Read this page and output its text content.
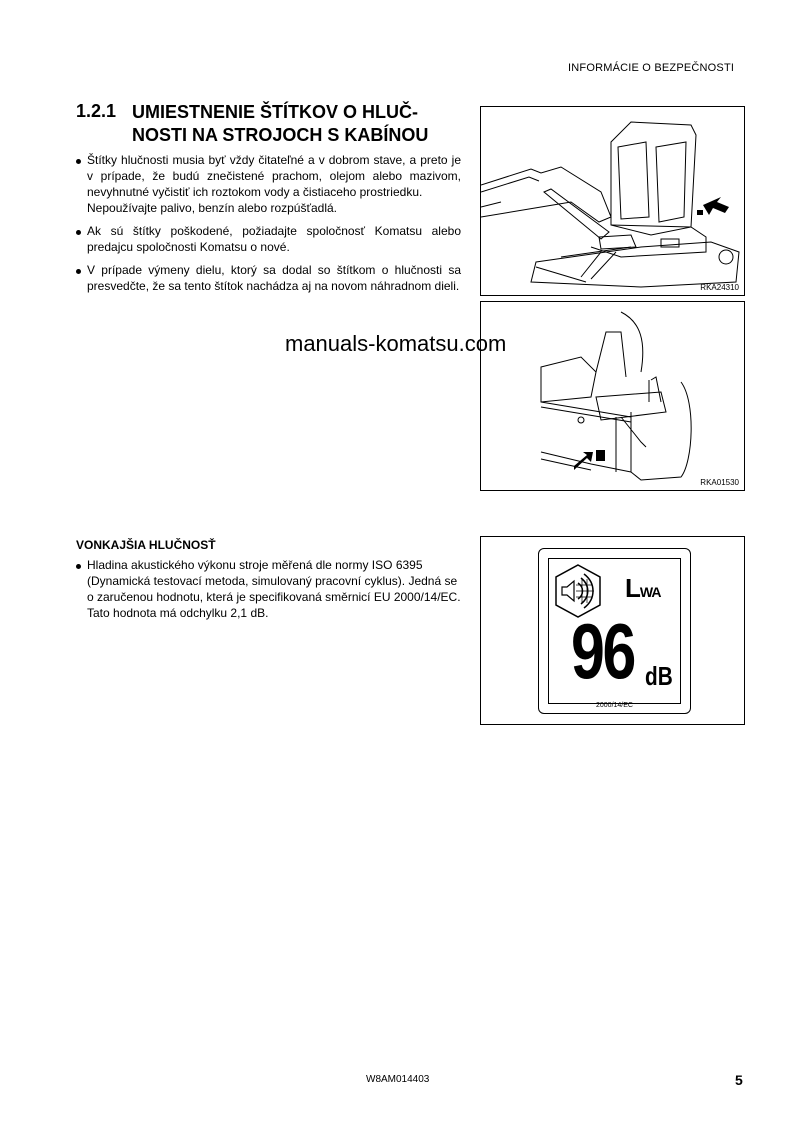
INFORMÁCIE O BEZPEČNOSTI
1.2.1 UMIESTNENIE ŠTÍTKOV O HLUČ-
NOSTI NA STROJOCH S KABÍNOU
Štítky hlučnosti musia byť vždy čitateľné a v dobrom stave, a preto je v prípade, že budú znečistené prachom, olejom alebo mazivom, nevyhnutné vyčistiť ich roztokom vody a čistiaceho prostriedku.
Nepoužívajte palivo, benzín alebo rozpúšťadlá.
Ak sú štítky poškodené, požiadajte spoločnosť Komatsu alebo predajcu spoločnosti Komatsu o nové.
V prípade výmeny dielu, ktorý sa dodal so štítkom o hlučnosti sa presvedčte, že sa tento štítok nachádza aj na novom náhradnom dieli.	RKA24310
RKA01530
manuals-komatsu.com
VONKAJŠIA HLUČNOSŤ
Hladina akustického výkonu stroje měřená dle normy ISO 6395 (Dynamická testovací metoda, simulovaný pracovní cyklus). Jedná se o zaručenou hodnotu, která je specifikovaná směrnicí EU 2000/14/EC. Tato hodnota má odchylku 2,1 dB.
LWA
96 dB
2000/14/EC
W8AM014403	5
